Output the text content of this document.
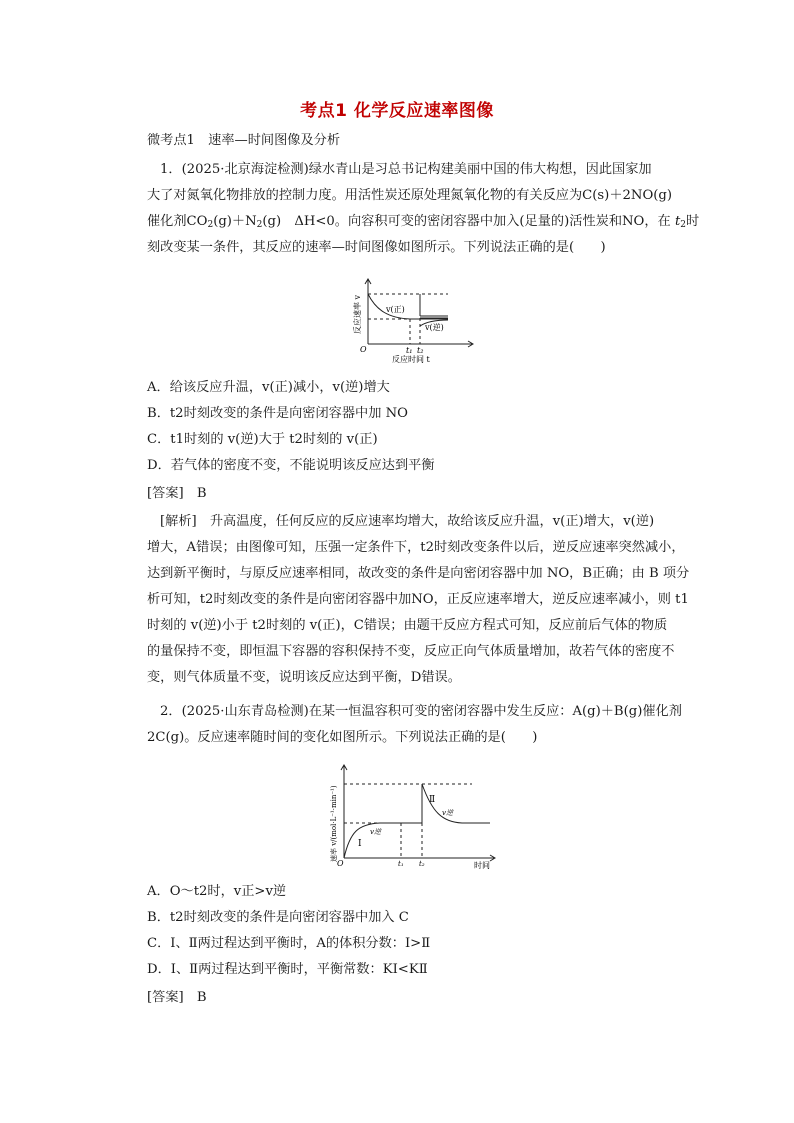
考点1 化学反应速率图像
微考点1　速率—时间图像及分析
1．(2025·北京海淀检测)绿水青山是习总书记构建美丽中国的伟大构想，因此国家加
大了对氮氧化物排放的控制力度。用活性炭还原处理氮氧化物的有关反应为C(s)＋2NO(g)
催化剂$CO_2(g)+N_2(g)$　ΔH<0。向容积可变的密闭容器中加入(足量的)活性炭和NO，在 $t_2$时
刻改变某一条件，其反应的速率—时间图像如图所示。下列说法正确的是(　　)
v(正)
v(逆)
O	t₁ t₂
反应时间 t
反应速率 v
A．给该反应升温，v(正)减小，v(逆)增大
B．t2时刻改变的条件是向密闭容器中加 NO
C．t1时刻的 v(逆)大于 t2时刻的 v(正)
D．若气体的密度不变，不能说明该反应达到平衡
[答案]　 B
[解析]　 升高温度，任何反应的反应速率均增大，故给该反应升温，v(正)增大，v(逆)
增大，A错误；由图像可知，压强一定条件下，t2时刻改变条件以后，逆反应速率突然减小，
达到新平衡时，与原反应速率相同，故改变的条件是向密闭容器中加 NO，B正确；由 B 项分
析可知，t2时刻改变的条件是向密闭容器中加NO，正反应速率增大，逆反应速率减小，则 t1
时刻的 v(逆)小于 t2时刻的 v(正)，C错误；由题干反应方程式可知，反应前后气体的物质
的量保持不变，即恒温下容器的容积保持不变，反应正向气体质量增加，故若气体的密度不
变，则气体质量不变，说明该反应达到平衡，D错误。
2．(2025·山东青岛检测)在某一恒温容积可变的密闭容器中发生反应：A(g)＋B(g)催化剂
2C(g)。反应速率随时间的变化如图所示。下列说法正确的是(　　)
Ⅰ
Ⅱ
v逆
v逆
O	t₁ t₂	时间
速率 v/(mol·L⁻¹·min⁻¹)
A．O～t2时，v正>v逆
B．t2时刻改变的条件是向密闭容器中加入 C
C．Ⅰ、Ⅱ两过程达到平衡时，A的体积分数：Ⅰ>Ⅱ
D．Ⅰ、Ⅱ两过程达到平衡时，平衡常数：KⅠ<KⅡ
[答案]　 B
